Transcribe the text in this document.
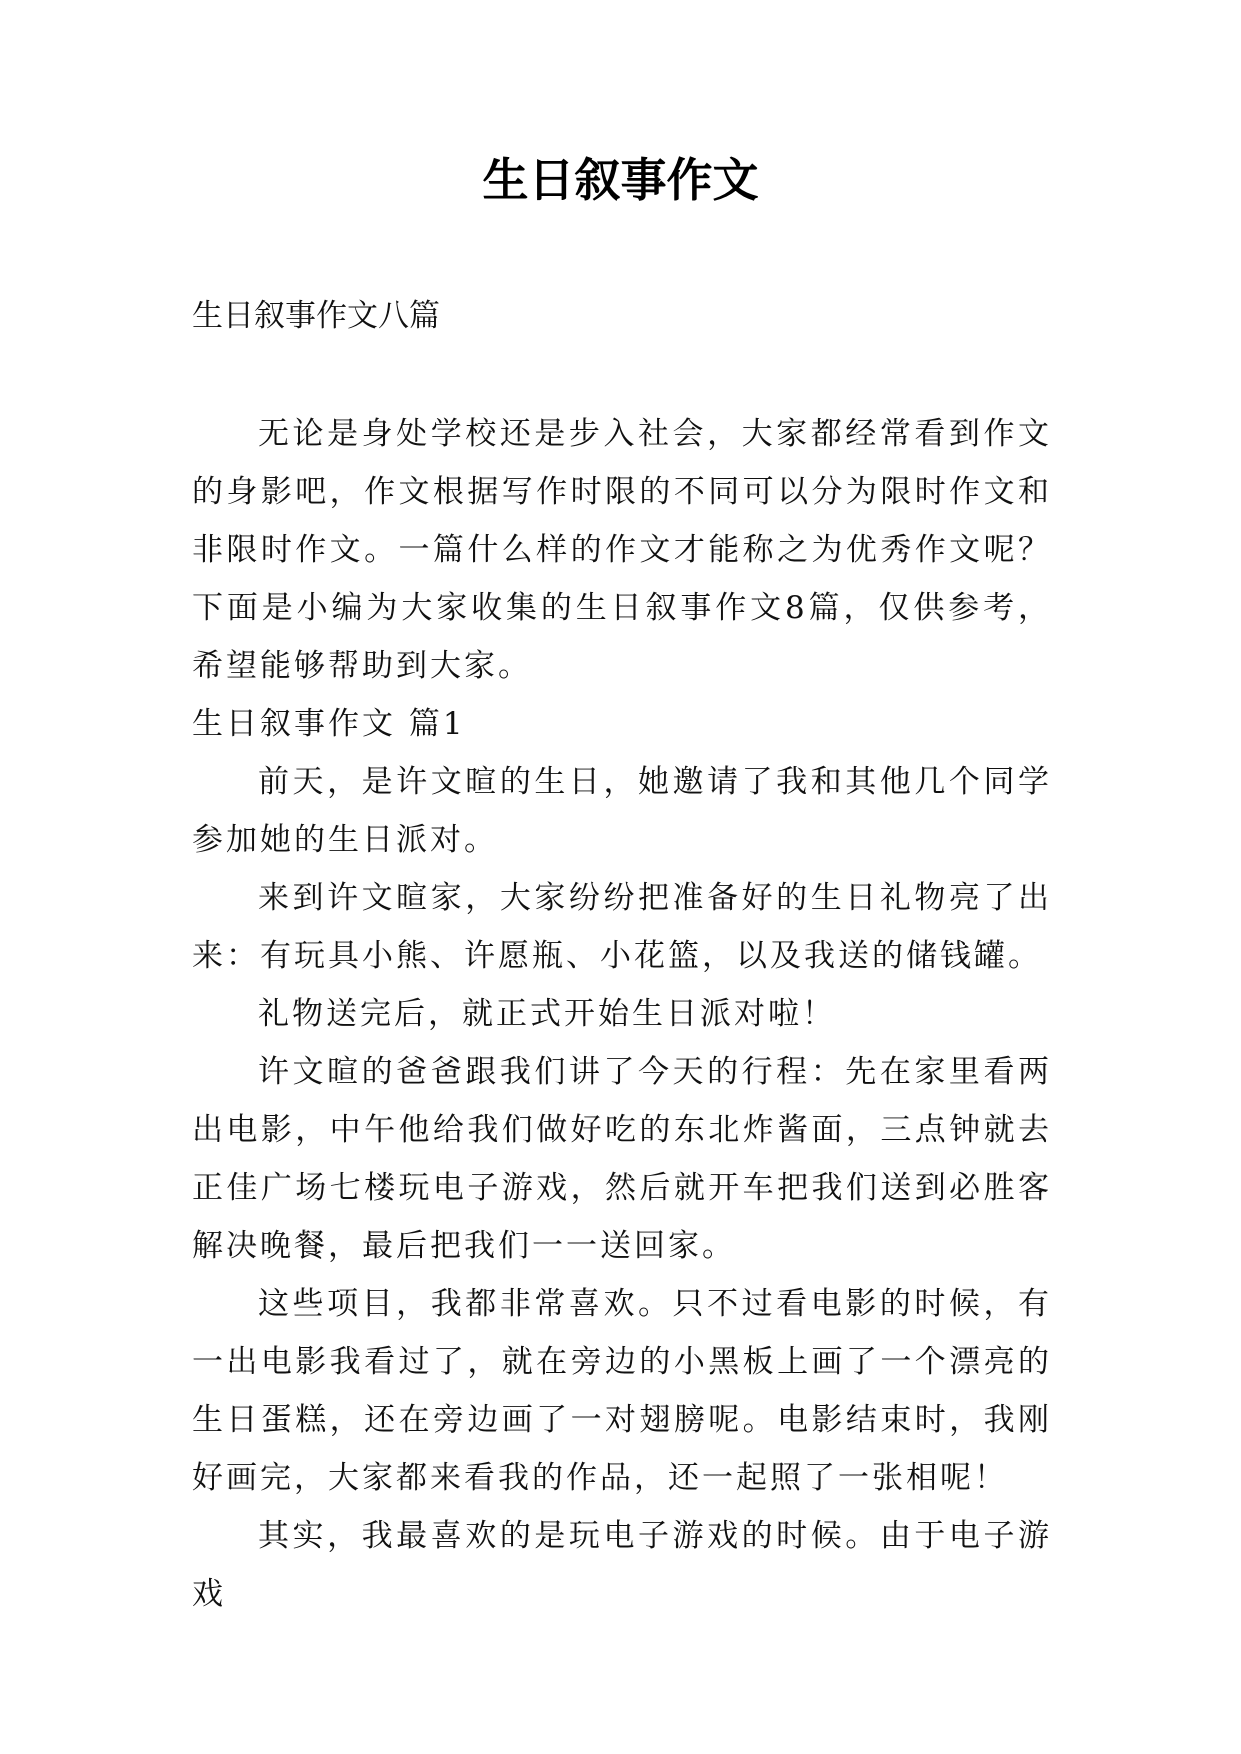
生日叙事作文
生日叙事作文八篇

无论是身处学校还是步入社会，大家都经常看到作文的身影吧，作文根据写作时限的不同可以分为限时作文和非限时作文。一篇什么样的作文才能称之为优秀作文呢？下面是小编为大家收集的生日叙事作文8篇，仅供参考，希望能够帮助到大家。

生日叙事作文 篇1

前天，是许文暄的生日，她邀请了我和其他几个同学参加她的生日派对。

来到许文暄家，大家纷纷把准备好的生日礼物亮了出来：有玩具小熊、许愿瓶、小花篮，以及我送的储钱罐。

礼物送完后，就正式开始生日派对啦！

许文暄的爸爸跟我们讲了今天的行程：先在家里看两出电影，中午他给我们做好吃的东北炸酱面，三点钟就去正佳广场七楼玩电子游戏，然后就开车把我们送到必胜客解决晚餐，最后把我们一一送回家。

这些项目，我都非常喜欢。只不过看电影的时候，有一出电影我看过了，就在旁边的小黑板上画了一个漂亮的生日蛋糕，还在旁边画了一对翅膀呢。电影结束时，我刚好画完，大家都来看我的作品，还一起照了一张相呢！

其实，我最喜欢的是玩电子游戏的时候。由于电子游戏
